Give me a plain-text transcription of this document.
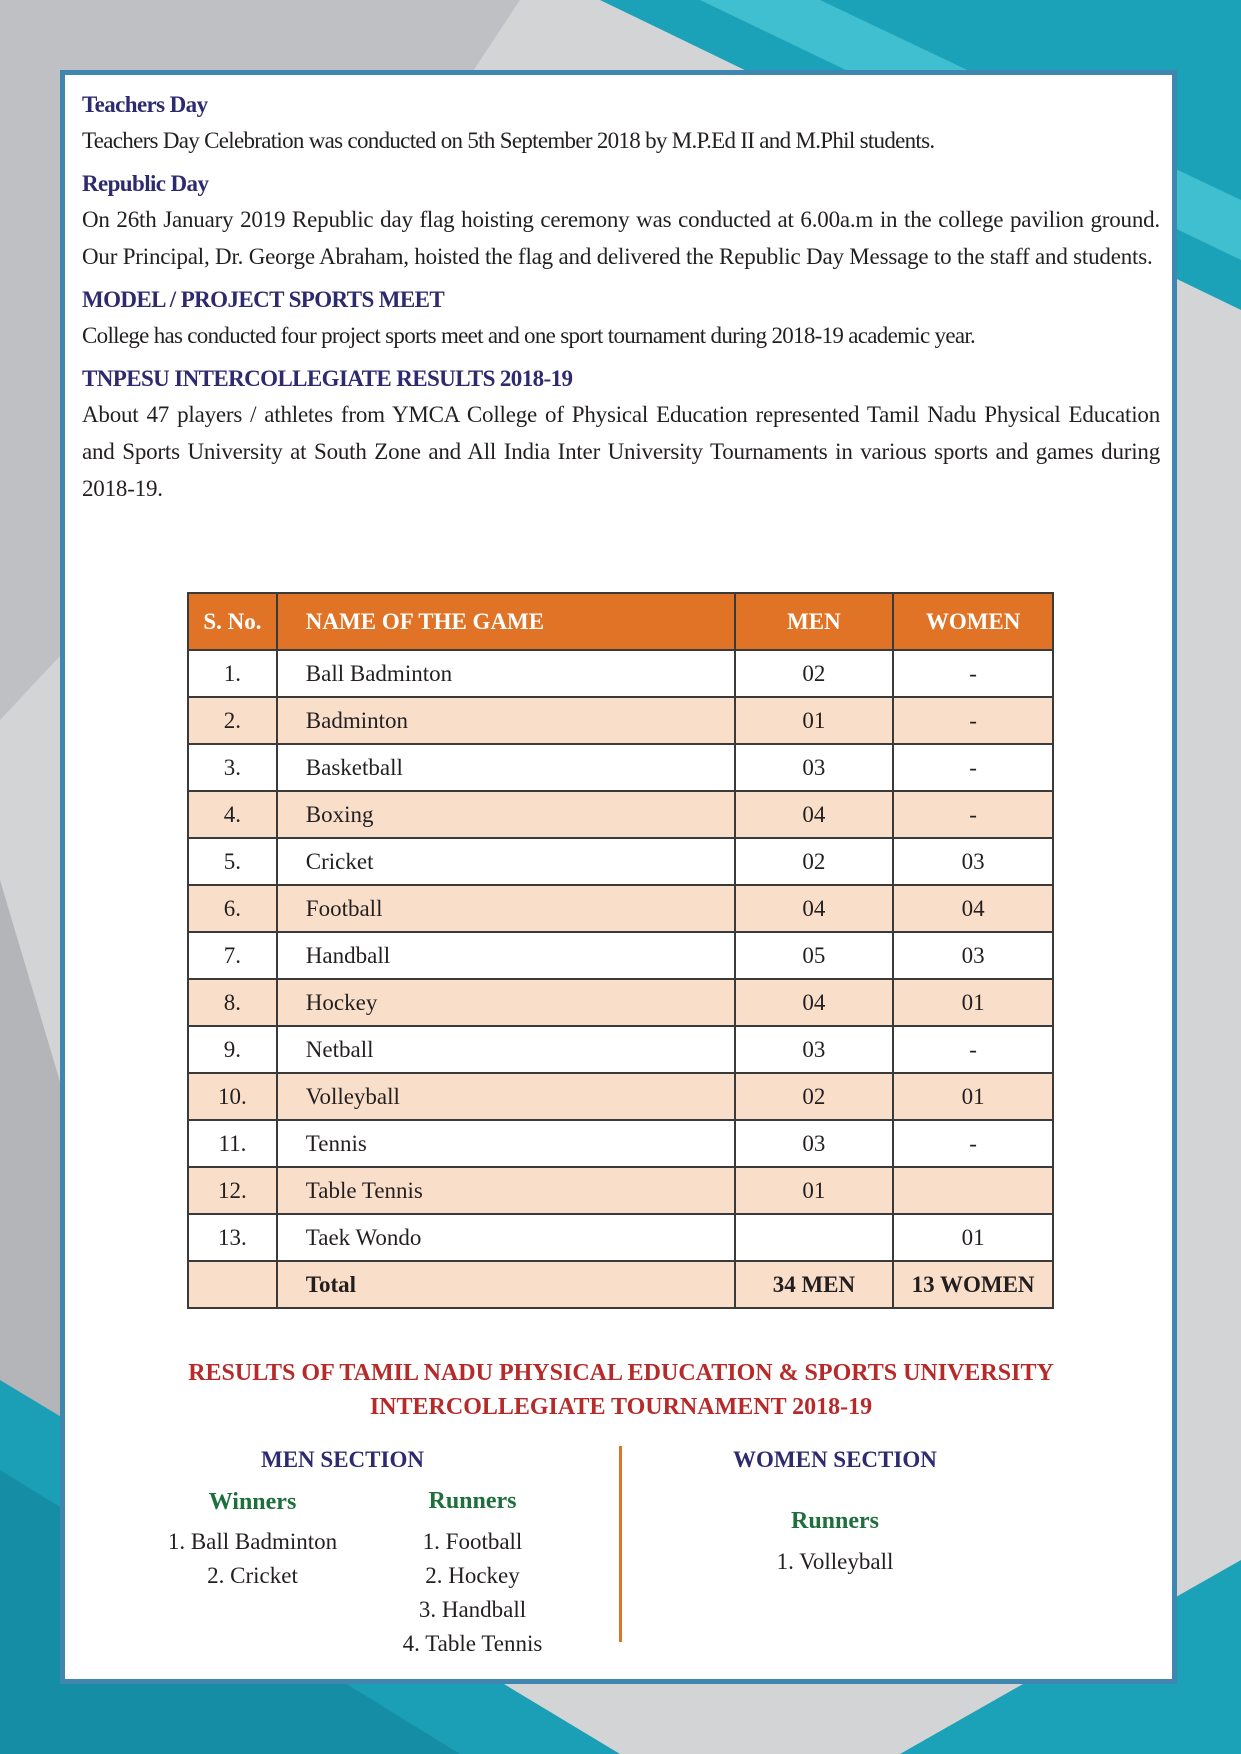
Teachers Day

Teachers Day Celebration was conducted on 5th September 2018 by M.P.Ed II and M.Phil students.

Republic Day

On 26th January 2019 Republic day flag hoisting ceremony was conducted at 6.00a.m in the college pavilion ground. Our Principal, Dr. George Abraham, hoisted the flag and delivered the Republic Day Message to the staff and students.

MODEL / PROJECT SPORTS MEET

College has conducted four project sports meet and one sport tournament during 2018-19 academic year.

TNPESU INTERCOLLEGIATE RESULTS 2018-19

About 47 players / athletes from YMCA College of Physical Education represented Tamil Nadu Physical Education and Sports University at South Zone and All India Inter University Tournaments in various sports and games during 2018-19.

S. No.	NAME OF THE GAME	MEN	WOMEN
1.	Ball Badminton	02	-
2.	Badminton	01	-
3.	Basketball	03	-
4.	Boxing	04	-
5.	Cricket	02	03
6.	Football	04	04
7.	Handball	05	03
8.	Hockey	04	01
9.	Netball	03	-
10.	Volleyball	02	01
11.	Tennis	03	-
12.	Table Tennis	01	
13.	Taek Wondo		01
	Total	34 MEN	13 WOMEN
RESULTS OF TAMIL NADU PHYSICAL EDUCATION & SPORTS UNIVERSITY
INTERCOLLEGIATE TOURNAMENT 2018-19
MEN SECTION
Winners
1. Ball Badminton
2. Cricket
Runners
1. Football
2. Hockey
3. Handball
4. Table Tennis
WOMEN SECTION
Runners
1. Volleyball
